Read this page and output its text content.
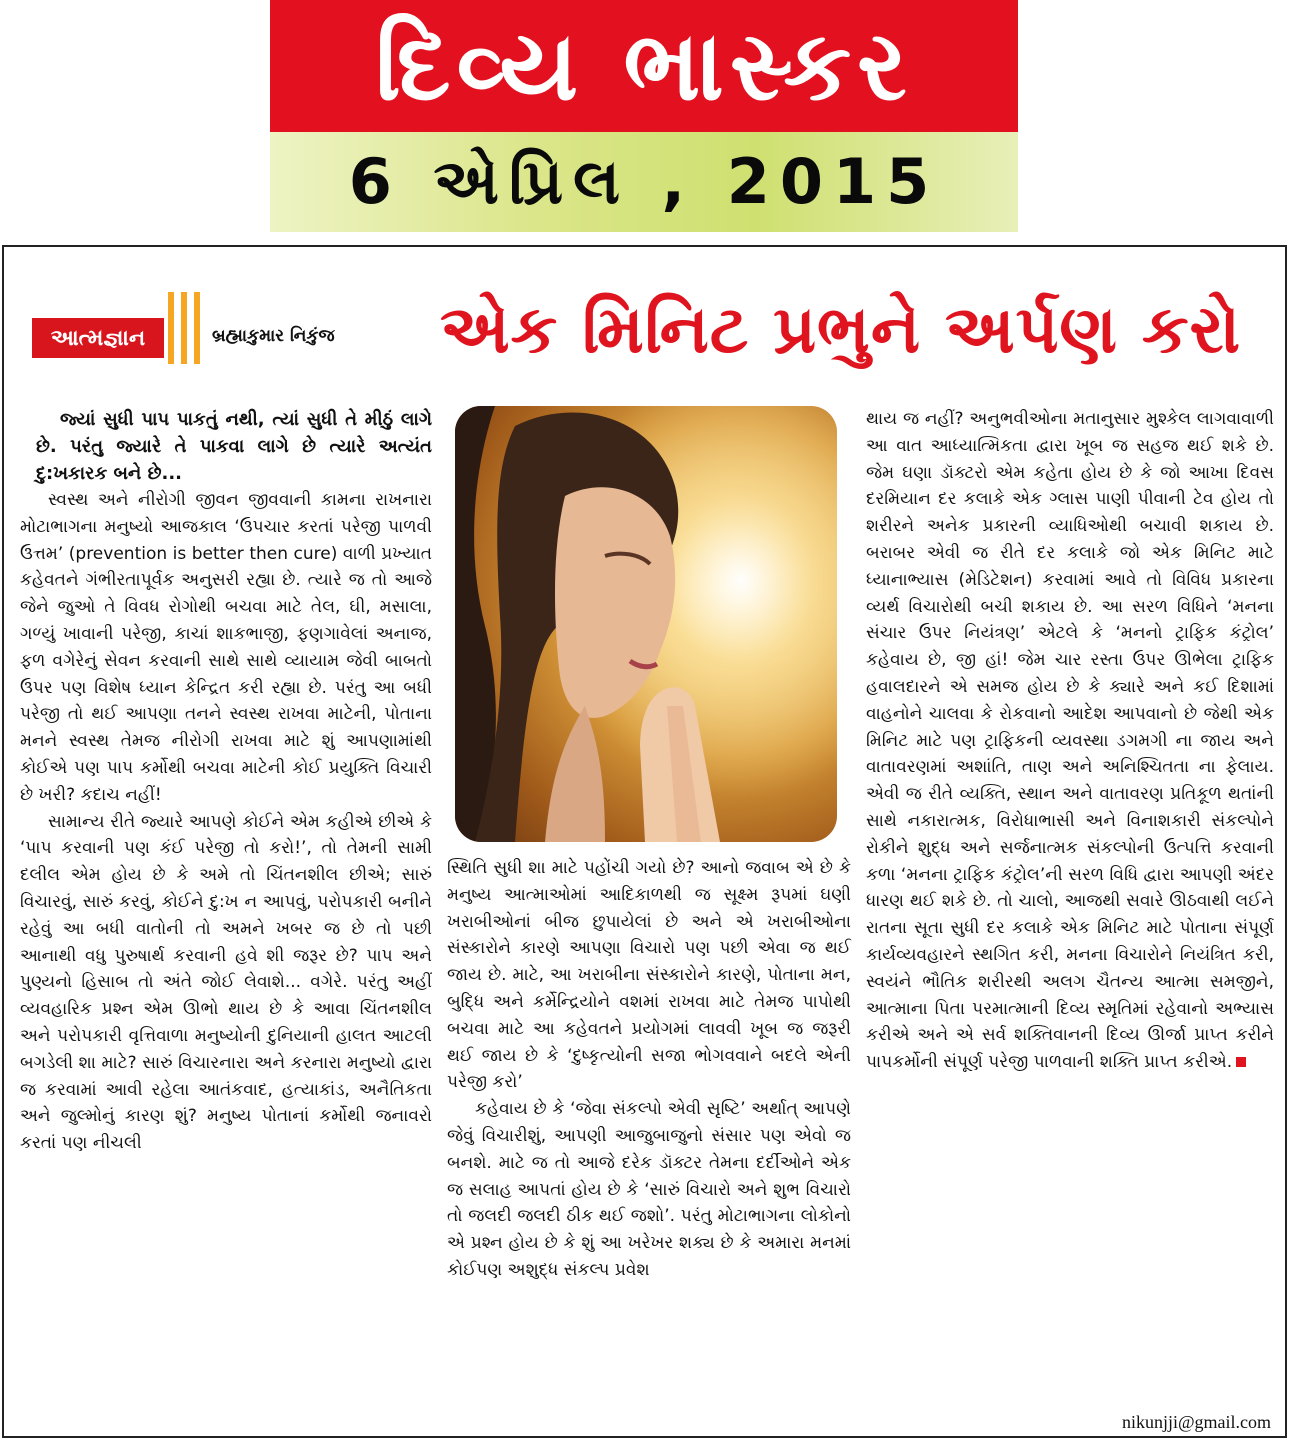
દિવ્ય ભાસ્કર
6 એપ્રિલ , 2015
આત્મજ્ઞાન	બ્રહ્માકુમાર નિકુંજ એક મિનિટ પ્રભુને અર્પણ કરો

જ્યાં સુધી પાપ પાકતું નથી, ત્યાં સુધી તે મીઠું લાગે છે. પરંતુ જ્યારે તે પાકવા લાગે છે ત્યારે અત્યંત દુ:ખકારક બને છે...

સ્વસ્થ અને નીરોગી જીવન જીવવાની કામના રાખનારા મોટાભાગના મનુષ્યો આજકાલ ‘ઉપચાર કરતાં પરેજી પાળવી ઉત્તમ’ (prevention is better then cure) વાળી પ્રખ્યાત કહેવતને ગંભીરતાપૂર્વક અનુસરી રહ્યા છે. ત્યારે જ તો આજે જેને જુઓ તે વિવધ રોગોથી બચવા માટે તેલ, ઘી, મસાલા, ગળ્યું ખાવાની પરેજી, કાચાં શાકભાજી, ફણગાવેલાં અનાજ, ફળ વગેરેનું સેવન કરવાની સાથે સાથે વ્યાયામ જેવી બાબતો ઉપર પણ વિશેષ ધ્યાન કેન્દ્રિત કરી રહ્યા છે. પરંતુ આ બધી પરેજી તો થઈ આપણા તનને સ્વસ્થ રાખવા માટેની, પોતાના મનને સ્વસ્થ તેમજ નીરોગી રાખવા માટે શું આપણામાંથી કોઈએ પણ પાપ કર્મોથી બચવા માટેની કોઈ પ્રયુક્તિ વિચારી છે ખરી? કદાચ નહીં!

સામાન્ય રીતે જ્યારે આપણે કોઈને એમ કહીએ છીએ કે ‘પાપ કરવાની પણ કંઈ પરેજી તો કરો!’, તો તેમની સામી દલીલ એમ હોય છે કે અમે તો ચિંતનશીલ છીએ; સારું વિચારવું, સારું કરવું, કોઈને દુ:ખ ન આપવું, પરોપકારી બનીને રહેવું આ બધી વાતોની તો અમને ખબર જ છે તો પછી આનાથી વધુ પુરુષાર્થ કરવાની હવે શી જરૂર છે? પાપ અને પુણ્યનો હિસાબ તો અંતે જોઈ લેવાશે... વગેરે. પરંતુ અહીં વ્યવહારિક પ્રશ્ન એમ ઊભો થાય છે કે આવા ચિંતનશીલ અને પરોપકારી વૃત્તિવાળા મનુષ્યોની દુનિયાની હાલત આટલી બગડેલી શા માટે? સારું વિચારનારા અને કરનારા મનુષ્યો દ્વારા જ કરવામાં આવી રહેલા આતંકવાદ, હત્યાકાંડ, અનૈતિકતા અને જુલ્મોનું કારણ શું? મનુષ્ય પોતાનાં કર્મોથી જનાવરો કરતાં પણ નીચલી

સ્થિતિ સુધી શા માટે પહોંચી ગયો છે? આનો જવાબ એ છે કે મનુષ્ય આત્માઓમાં આદિકાળથી જ સૂક્ષ્મ રૂપમાં ઘણી ખરાબીઓનાં બીજ છુપાયેલાં છે અને એ ખરાબીઓના સંસ્કારોને કારણે આપણા વિચારો પણ પછી એવા જ થઈ જાય છે. માટે, આ ખરાબીના સંસ્કારોને કારણે, પોતાના મન, બુદ્ધિ અને કર્મેન્દ્રિયોને વશમાં રાખવા માટે તેમજ પાપોથી બચવા માટે આ કહેવતને પ્રયોગમાં લાવવી ખૂબ જ જરૂરી થઈ જાય છે કે ‘દુષ્કૃત્યોની સજા ભોગવવાને બદલે એની પરેજી કરો’

કહેવાય છે કે ‘જેવા સંકલ્પો એવી સૃષ્ટિ’ અર્થાત્ આપણે જેવું વિચારીશું, આપણી આજુબાજુનો સંસાર પણ એવો જ બનશે. માટે જ તો આજે દરેક ડૉક્ટર તેમના દર્દીઓને એક જ સલાહ આપતાં હોય છે કે ‘સારું વિચારો અને શુભ વિચારો તો જલદી જલદી ઠીક થઈ જશો’. પરંતુ મોટાભાગના લોકોનો એ પ્રશ્ન હોય છે કે શું આ ખરેખર શક્ય છે કે અમારા મનમાં કોઈપણ અશુદ્ધ સંકલ્પ પ્રવેશ

થાય જ નહીં? અનુભવીઓના મતાનુસાર મુશ્કેલ લાગવાવાળી આ વાત આધ્યાત્મિકતા દ્વારા ખૂબ જ સહજ થઈ શકે છે. જેમ ઘણા ડૉક્ટરો એમ કહેતા હોય છે કે જો આખા દિવસ દરમિયાન દર કલાકે એક ગ્લાસ પાણી પીવાની ટેવ હોય તો શરીરને અનેક પ્રકારની વ્યાધિઓથી બચાવી શકાય છે. બરાબર એવી જ રીતે દર કલાકે જો એક મિનિટ માટે ધ્યાનાભ્યાસ (મેડિટેશન) કરવામાં આવે તો વિવિધ પ્રકારના વ્યર્થ વિચારોથી બચી શકાય છે. આ સરળ વિધિને ‘મનના સંચાર ઉપર નિયંત્રણ’ એટલે કે ‘મનનો ટ્રાફિક કંટ્રોલ’ કહેવાય છે, જી હાં! જેમ ચાર રસ્તા ઉપર ઊભેલા ટ્રાફિક હવાલદારને એ સમજ હોય છે કે ક્યારે અને કઈ દિશામાં વાહનોને ચાલવા કે રોકવાનો આદેશ આપવાનો છે જેથી એક મિનિટ માટે પણ ટ્રાફિકની વ્યવસ્થા ડગમગી ના જાય અને વાતાવરણમાં અશાંતિ, તાણ અને અનિશ્ચિતતા ના ફેલાય. એવી જ રીતે વ્યક્તિ, સ્થાન અને વાતાવરણ પ્રતિકૂળ થતાંની સાથે નકારાત્મક, વિરોધાભાસી અને વિનાશકારી સંકલ્પોને રોકીને શુદ્ધ અને સર્જનાત્મક સંકલ્પોની ઉત્પત્તિ કરવાની કળા ‘મનના ટ્રાફિક કંટ્રોલ’ની સરળ વિધિ દ્વારા આપણી અંદર ધારણ થઈ શકે છે. તો ચાલો, આજથી સવારે ઊઠવાથી લઈને રાતના સૂતા સુધી દર કલાકે એક મિનિટ માટે પોતાના સંપૂર્ણ કાર્યવ્યવહારને સ્થગિત કરી, મનના વિચારોને નિયંત્રિત કરી, સ્વયંને ભૌતિક શરીરથી અલગ ચૈતન્ય આત્મા સમજીને, આત્માના પિતા પરમાત્માની દિવ્ય સ્મૃતિમાં રહેવાનો અભ્યાસ કરીએ અને એ સર્વ શક્તિવાનની દિવ્ય ઊર્જા પ્રાપ્ત કરીને પાપકર્મોની સંપૂર્ણ પરેજી પાળવાની શક્તિ પ્રાપ્ત કરીએ.

nikunjji@gmail.com
